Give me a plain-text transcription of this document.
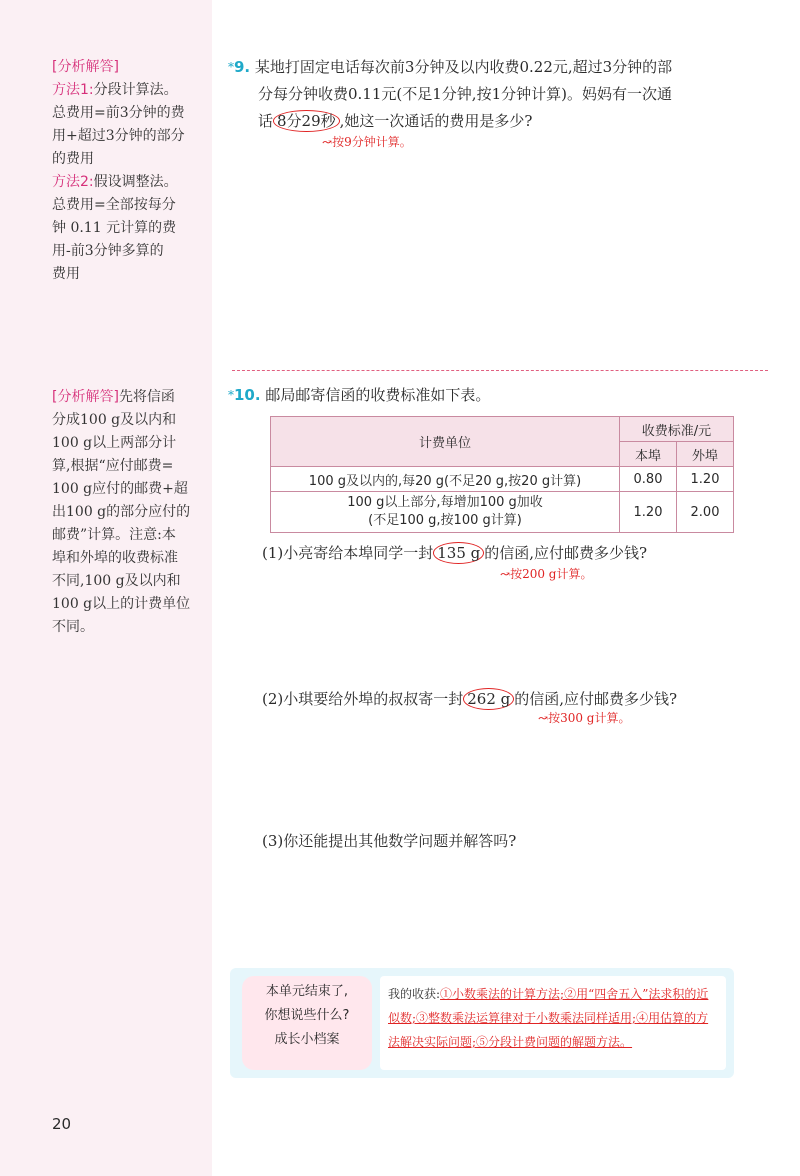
[分析解答]
方法1:分段计算法。
总费用=前3分钟的费
用+超过3分钟的部分
的费用
方法2:假设调整法。
总费用=全部按每分
钟 0.11 元计算的费
用-前3分钟多算的
费用
[分析解答]先将信函
分成100 g及以内和
100 g以上两部分计
算,根据“应付邮费=
100 g应付的邮费+超
出100 g的部分应付的
邮费”计算。注意:本
埠和外埠的收费标准
不同,100 g及以内和
100 g以上的计费单位
不同。
*9. 某地打固定电话每次前3分钟及以内收费0.22元,超过3分钟的部
分每分钟收费0.11元(不足1分钟,按1分钟计算)。妈妈有一次通
话 8分29秒 ,她这一次通话的费用是多少?
↝按9分钟计算。
*10. 邮局邮寄信函的收费标准如下表。
计费单位	收费标准/元	
	本埠	外埠
100 g及以内的,每20 g(不足20 g,按20 g计算)	0.80	1.20

100 g以上部分,每增加100 g加收
(不足100 g,按100 g计算)	1.20	2.00
(1)小亮寄给本埠同学一封 135 g 的信函,应付邮费多少钱?
↝按200 g计算。
(2)小琪要给外埠的叔叔寄一封 262 g 的信函,应付邮费多少钱?
↝按300 g计算。
(3)你还能提出其他数学问题并解答吗?
本单元结束了,
你想说些什么?
成长小档案
我的收获:①小数乘法的计算方法;②用“四舍五入”法求积的近似数;③整数乘法运算律对于小数乘法同样适用;④用估算的方法解决实际问题;⑤分段计费问题的解题方法。
20
